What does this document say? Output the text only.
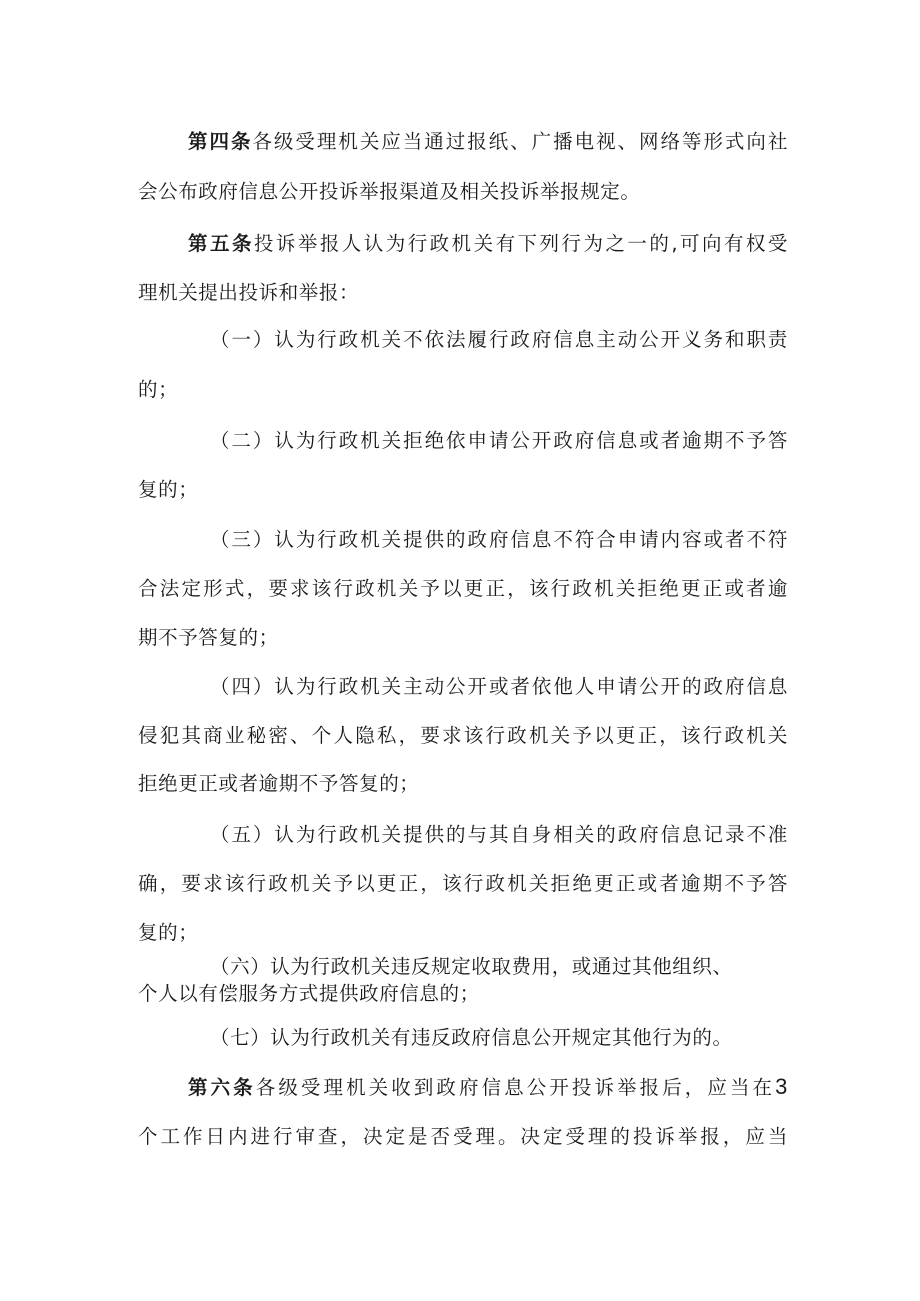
第四条各级受理机关应当通过报纸、广播电视、网络等形式向社
会公布政府信息公开投诉举报渠道及相关投诉举报规定。
第五条投诉举报人认为行政机关有下列行为之一的,可向有权受
理机关提出投诉和举报：
（一）认为行政机关不依法履行政府信息主动公开义务和职责
的；
（二）认为行政机关拒绝依申请公开政府信息或者逾期不予答
复的；
（三）认为行政机关提供的政府信息不符合申请内容或者不符
合法定形式，要求该行政机关予以更正，该行政机关拒绝更正或者逾
期不予答复的；
（四）认为行政机关主动公开或者依他人申请公开的政府信息
侵犯其商业秘密、个人隐私，要求该行政机关予以更正，该行政机关
拒绝更正或者逾期不予答复的；
（五）认为行政机关提供的与其自身相关的政府信息记录不准
确，要求该行政机关予以更正，该行政机关拒绝更正或者逾期不予答
复的；
（六）认为行政机关违反规定收取费用，或通过其他组织、
个人以有偿服务方式提供政府信息的；
（七）认为行政机关有违反政府信息公开规定其他行为的。
第六条各级受理机关收到政府信息公开投诉举报后，应当在3
个工作日内进行审查，决定是否受理。决定受理的投诉举报，应当
